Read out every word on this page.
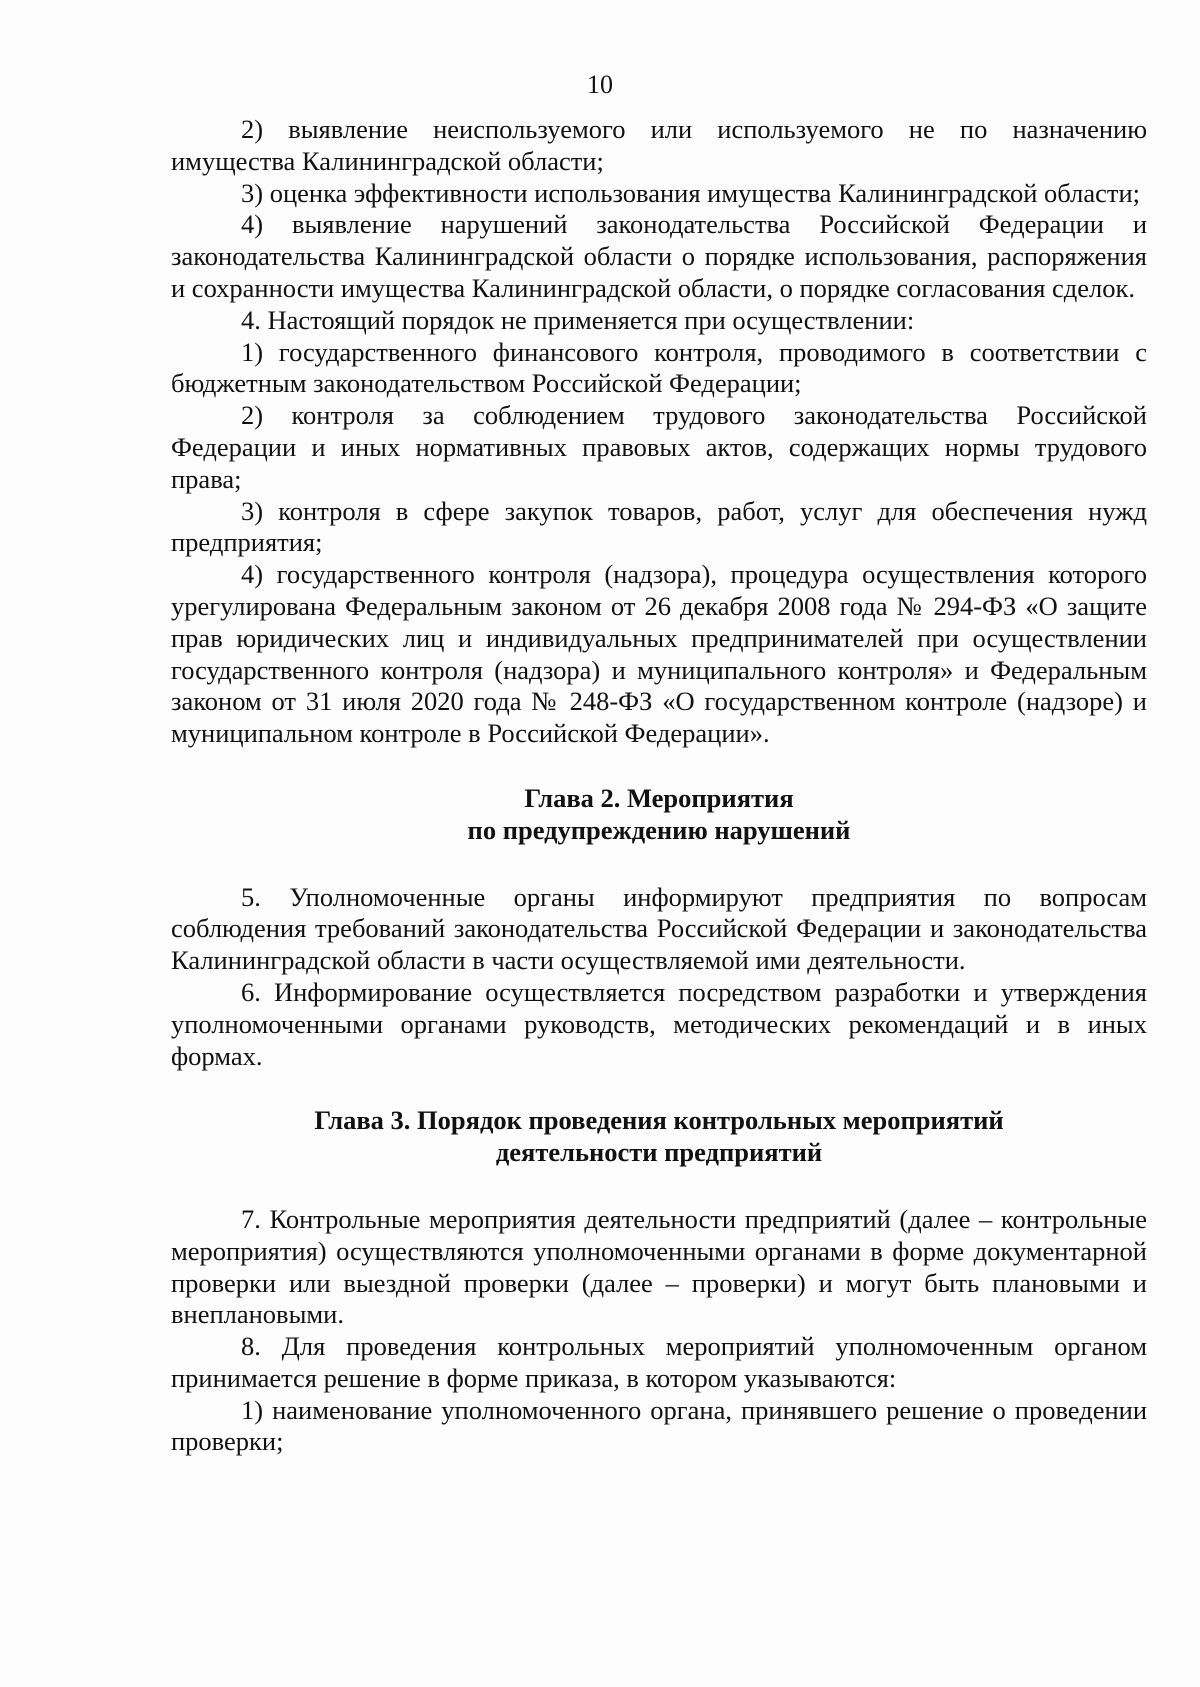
10

2) выявление неиспользуемого или используемого не по назначению имущества Калининградской области;

3) оценка эффективности использования имущества Калининградской области;

4) выявление нарушений законодательства Российской Федерации и законодательства Калининградской области о порядке использования, распоряжения и сохранности имущества Калининградской области, о порядке согласования сделок.

4. Настоящий порядок не применяется при осуществлении:

1) государственного финансового контроля, проводимого в соответствии с бюджетным законодательством Российской Федерации;

2) контроля за соблюдением трудового законодательства Российской Федерации и иных нормативных правовых актов, содержащих нормы трудового права;

3) контроля в сфере закупок товаров, работ, услуг для обеспечения нужд предприятия;

4) государственного контроля (надзора), процедура осуществления которого урегулирована Федеральным законом от 26 декабря 2008 года № 294-ФЗ «О защите прав юридических лиц и индивидуальных предпринимателей при осуществлении государственного контроля (надзора) и муниципального контроля» и Федеральным законом от 31 июля 2020 года № 248-ФЗ «О государственном контроле (надзоре) и муниципальном контроле в Российской Федерации».

Глава 2. Мероприятия

по предупреждению нарушений

5. Уполномоченные органы информируют предприятия по вопросам соблюдения требований законодательства Российской Федерации и законодательства Калининградской области в части осуществляемой ими деятельности.

6. Информирование осуществляется посредством разработки и утверждения уполномоченными органами руководств, методических рекомендаций и в иных формах.

Глава 3. Порядок проведения контрольных мероприятий

деятельности предприятий

7. Контрольные мероприятия деятельности предприятий (далее – контрольные мероприятия) осуществляются уполномоченными органами в форме документарной проверки или выездной проверки (далее – проверки) и могут быть плановыми и внеплановыми.

8. Для проведения контрольных мероприятий уполномоченным органом принимается решение в форме приказа, в котором указываются:

1) наименование уполномоченного органа, принявшего решение о проведении проверки;
